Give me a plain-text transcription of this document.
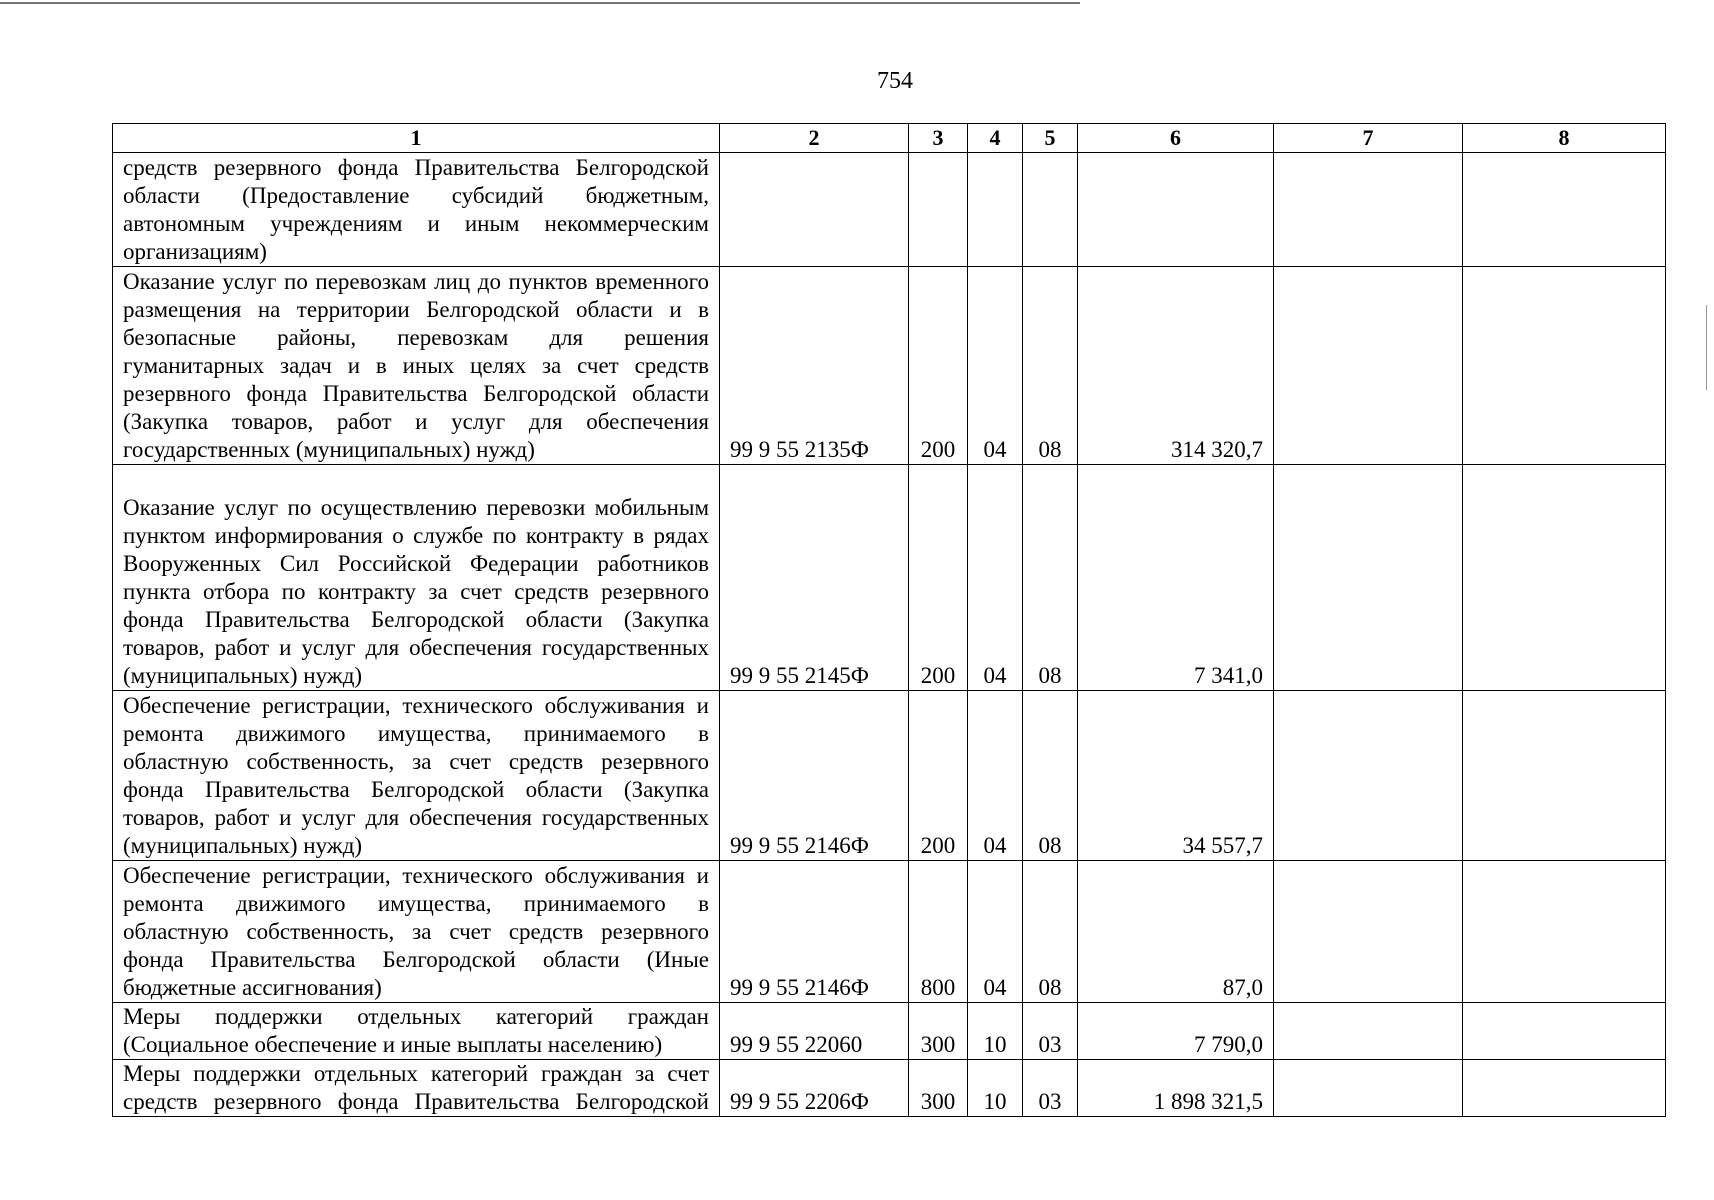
754
1	2	3	4	5	6	7	8
средств резервного фонда Правительства Белгородской области (Предоставление субсидий бюджетным, автономным учреждениям и иным некоммерческим организациям)							
Оказание услуг по перевозкам лиц до пунктов временного размещения на территории Белгородской области и в безопасные районы, перевозкам для решения гуманитарных задач и в иных целях за счет средств резервного фонда Правительства Белгородской области (Закупка товаров, работ и услуг для обеспечения государственных (муниципальных) нужд)	99 9 55 2135Ф	200	04	08	314 320,7		
Оказание услуг по осуществлению перевозки мобильным пунктом информирования о службе по контракту в рядах Вооруженных Сил Российской Федерации работников пункта отбора по контракту за счет средств резервного фонда Правительства Белгородской области (Закупка товаров, работ и услуг для обеспечения государственных (муниципальных) нужд)	99 9 55 2145Ф	200	04	08	7 341,0		
Обеспечение регистрации, технического обслуживания и ремонта движимого имущества, принимаемого в областную собственность, за счет средств резервного фонда Правительства Белгородской области (Закупка товаров, работ и услуг для обеспечения государственных (муниципальных) нужд)	99 9 55 2146Ф	200	04	08	34 557,7		
Обеспечение регистрации, технического обслуживания и ремонта движимого имущества, принимаемого в областную собственность, за счет средств резервного фонда Правительства Белгородской области (Иные бюджетные ассигнования)	99 9 55 2146Ф	800	04	08	87,0		
Меры поддержки отдельных категорий граждан (Социальное обеспечение и иные выплаты населению)	99 9 55 22060	300	10	03	7 790,0		
Меры поддержки отдельных категорий граждан за счет средств резервного фонда Правительства Белгородской	99 9 55 2206Ф	300	10	03	1 898 321,5		
